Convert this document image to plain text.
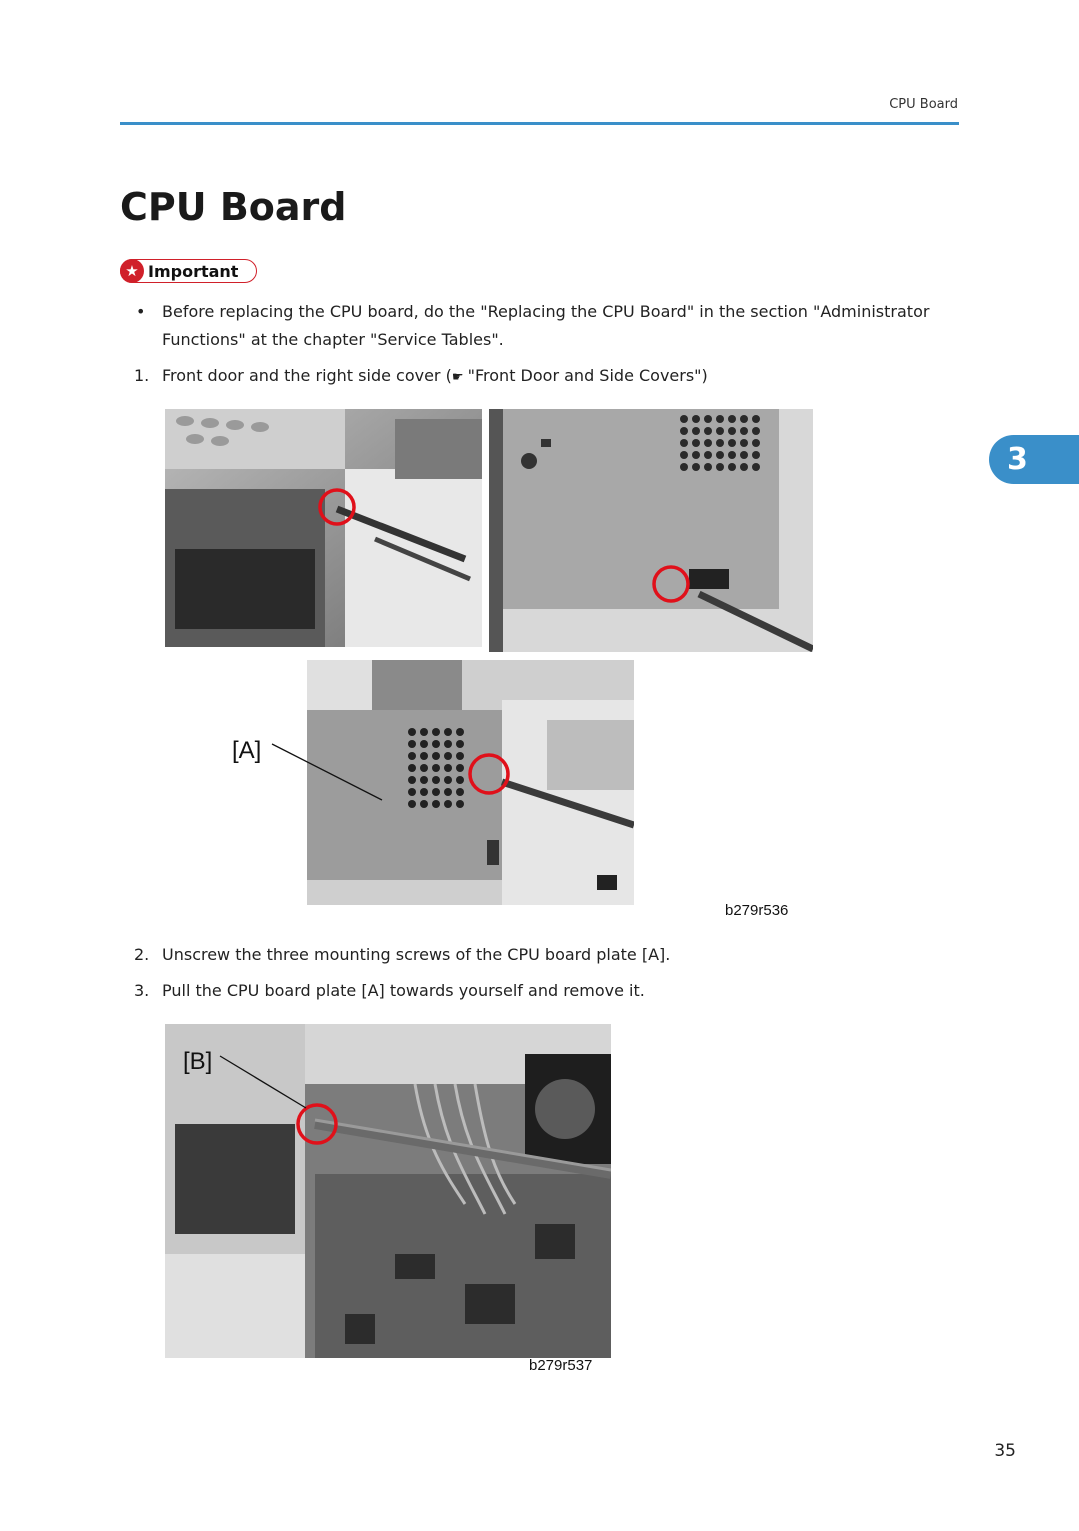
CPU Board
CPU Board
★ Important
• Before replacing the CPU board, do the "Replacing the CPU Board" in the section "Administrator Functions" at the chapter "Service Tables".
1. Front door and the right side cover (☛ "Front Door and Side Covers")
[A]
b279r536
2. Unscrew the three mounting screws of the CPU board plate [A].
3. Pull the CPU board plate [A] towards yourself and remove it.
[B]
b279r537
3
35
